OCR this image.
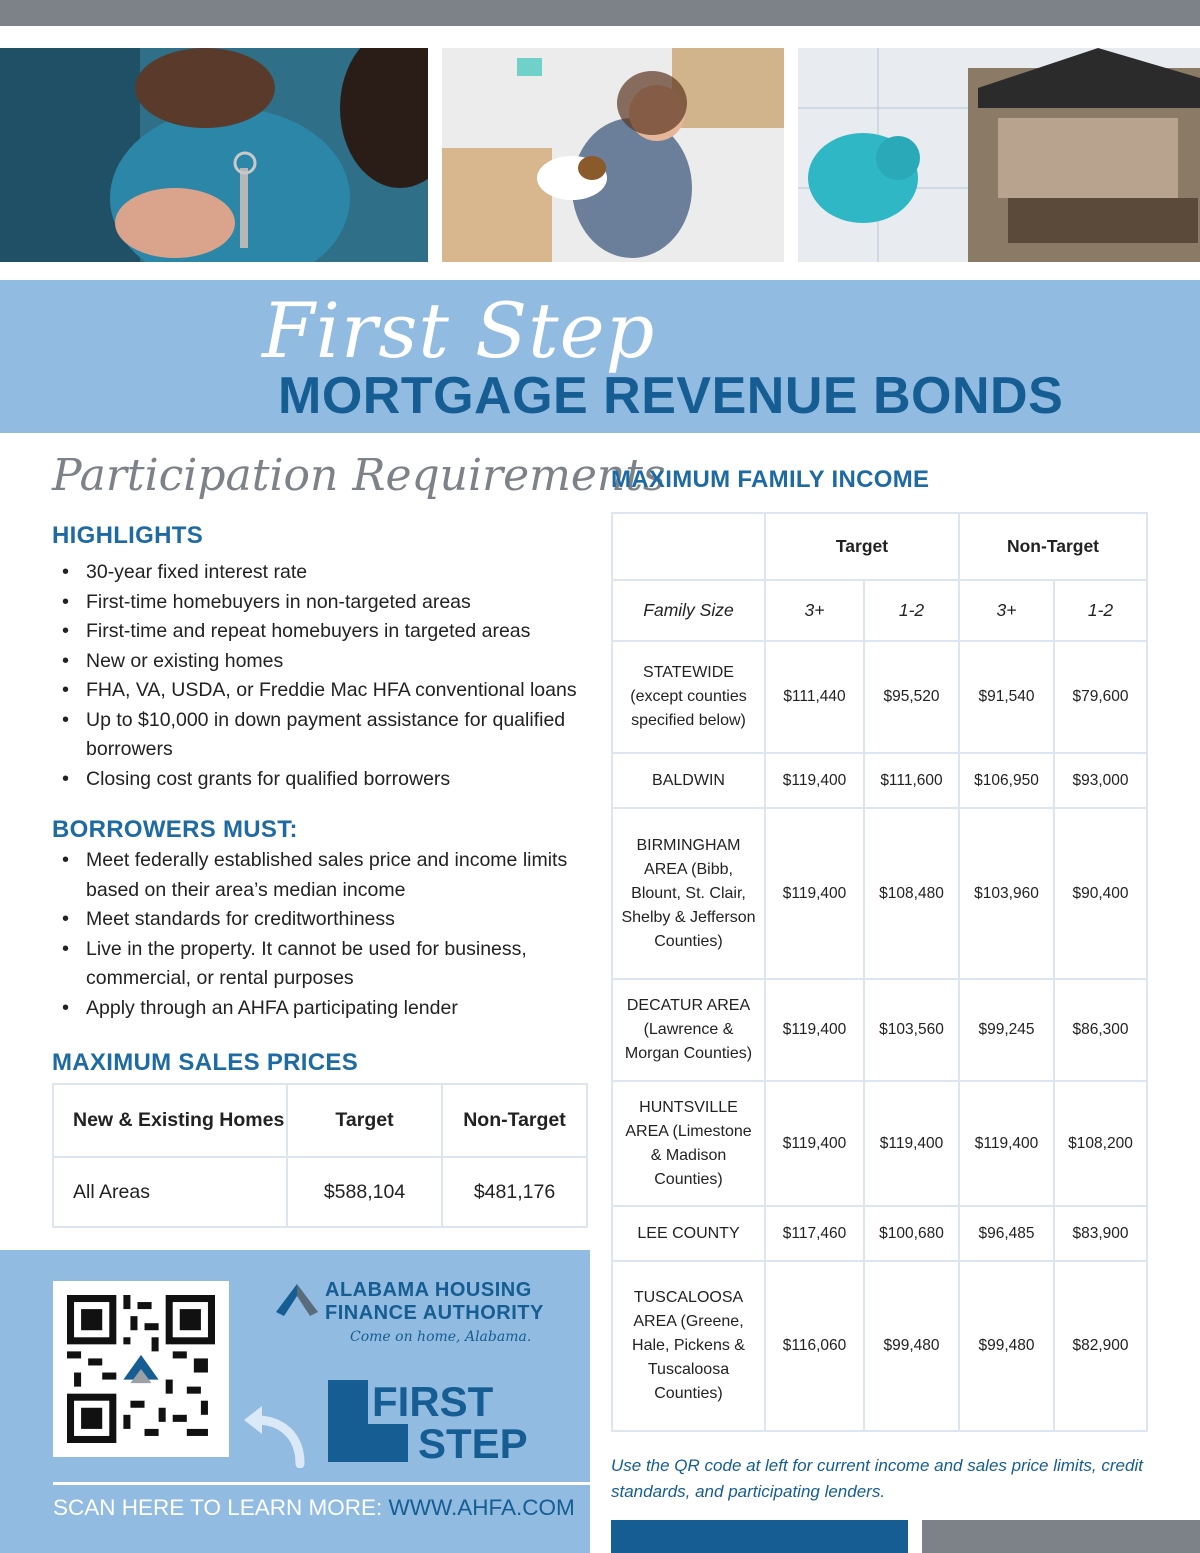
First Step
MORTGAGE REVENUE BONDS
Participation Requirements
HIGHLIGHTS
• 30-year fixed interest rate
• First-time homebuyers in non-targeted areas
• First-time and repeat homebuyers in targeted areas
• New or existing homes
• FHA, VA, USDA, or Freddie Mac HFA conventional loans
• Up to $10,000 in down payment assistance for qualified borrowers
• Closing cost grants for qualified borrowers
BORROWERS MUST:
• Meet federally established sales price and income limits based on their area’s median income
• Meet standards for creditworthiness
• Live in the property. It cannot be used for business, commercial, or rental purposes
• Apply through an AHFA participating lender
MAXIMUM SALES PRICES
New & Existing Homes	Target	Non-Target
All Areas	$588,104	$481,176
ALABAMA HOUSING
FINANCE AUTHORITY
Come on home, Alabama.
FIRST
STEP
SCAN HERE TO LEARN MORE: WWW.AHFA.COM
MAXIMUM FAMILY INCOME
	Target		Non-Target	
Family Size	3+	1-2	3+	1-2
STATEWIDE (except counties specified below)	$111,440	$95,520	$91,540	$79,600
BALDWIN	$119,400	$111,600	$106,950	$93,000
BIRMINGHAM AREA (Bibb, Blount, St. Clair, Shelby & Jefferson Counties)	$119,400	$108,480	$103,960	$90,400
DECATUR AREA (Lawrence & Morgan Counties)	$119,400	$103,560	$99,245	$86,300
HUNTSVILLE AREA (Limestone & Madison Counties)	$119,400	$119,400	$119,400	$108,200
LEE COUNTY	$117,460	$100,680	$96,485	$83,900
TUSCALOOSA AREA (Greene, Hale, Pickens & Tuscaloosa Counties)	$116,060	$99,480	$99,480	$82,900
Use the QR code at left for current income and sales price limits, credit standards, and participating lenders.
